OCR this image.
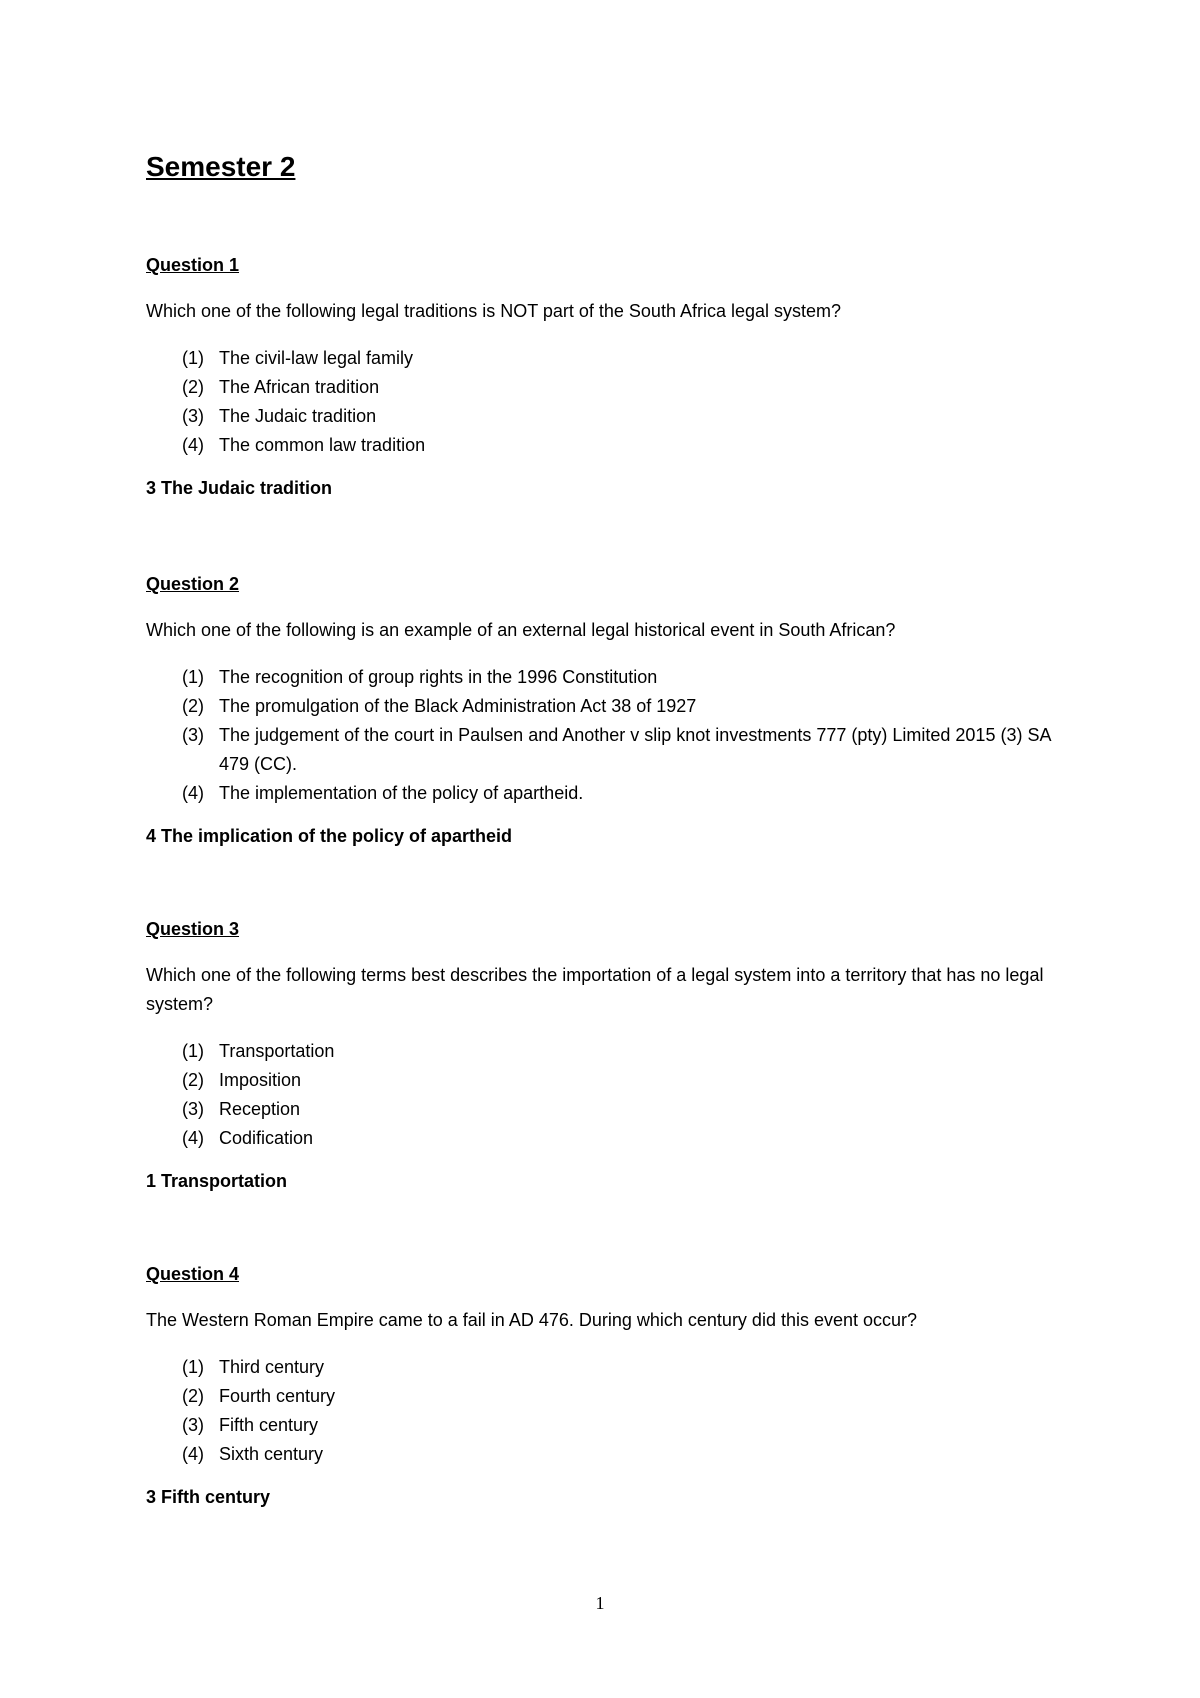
Semester 2
Question 1

Which one of the following legal traditions is NOT part of the South Africa legal system?

(1) The civil-law legal family
(2) The African tradition
(3) The Judaic tradition
(4) The common law tradition

3 The Judaic tradition

Question 2

Which one of the following is an example of an external legal historical event in South African?

(1) The recognition of group rights in the 1996 Constitution
(2) The promulgation of the Black Administration Act 38 of 1927
(3) The judgement of the court in Paulsen and Another v slip knot investments 777 (pty) Limited 2015 (3) SA 479 (CC).
(4) The implementation of the policy of apartheid.

4 The implication of the policy of apartheid

Question 3

Which one of the following terms best describes the importation of a legal system into a territory that has no legal system?

(1) Transportation
(2) Imposition
(3) Reception
(4) Codification

1 Transportation

Question 4

The Western Roman Empire came to a fail in AD 476. During which century did this event occur?

(1) Third century
(2) Fourth century
(3) Fifth century
(4) Sixth century

3 Fifth century

1
